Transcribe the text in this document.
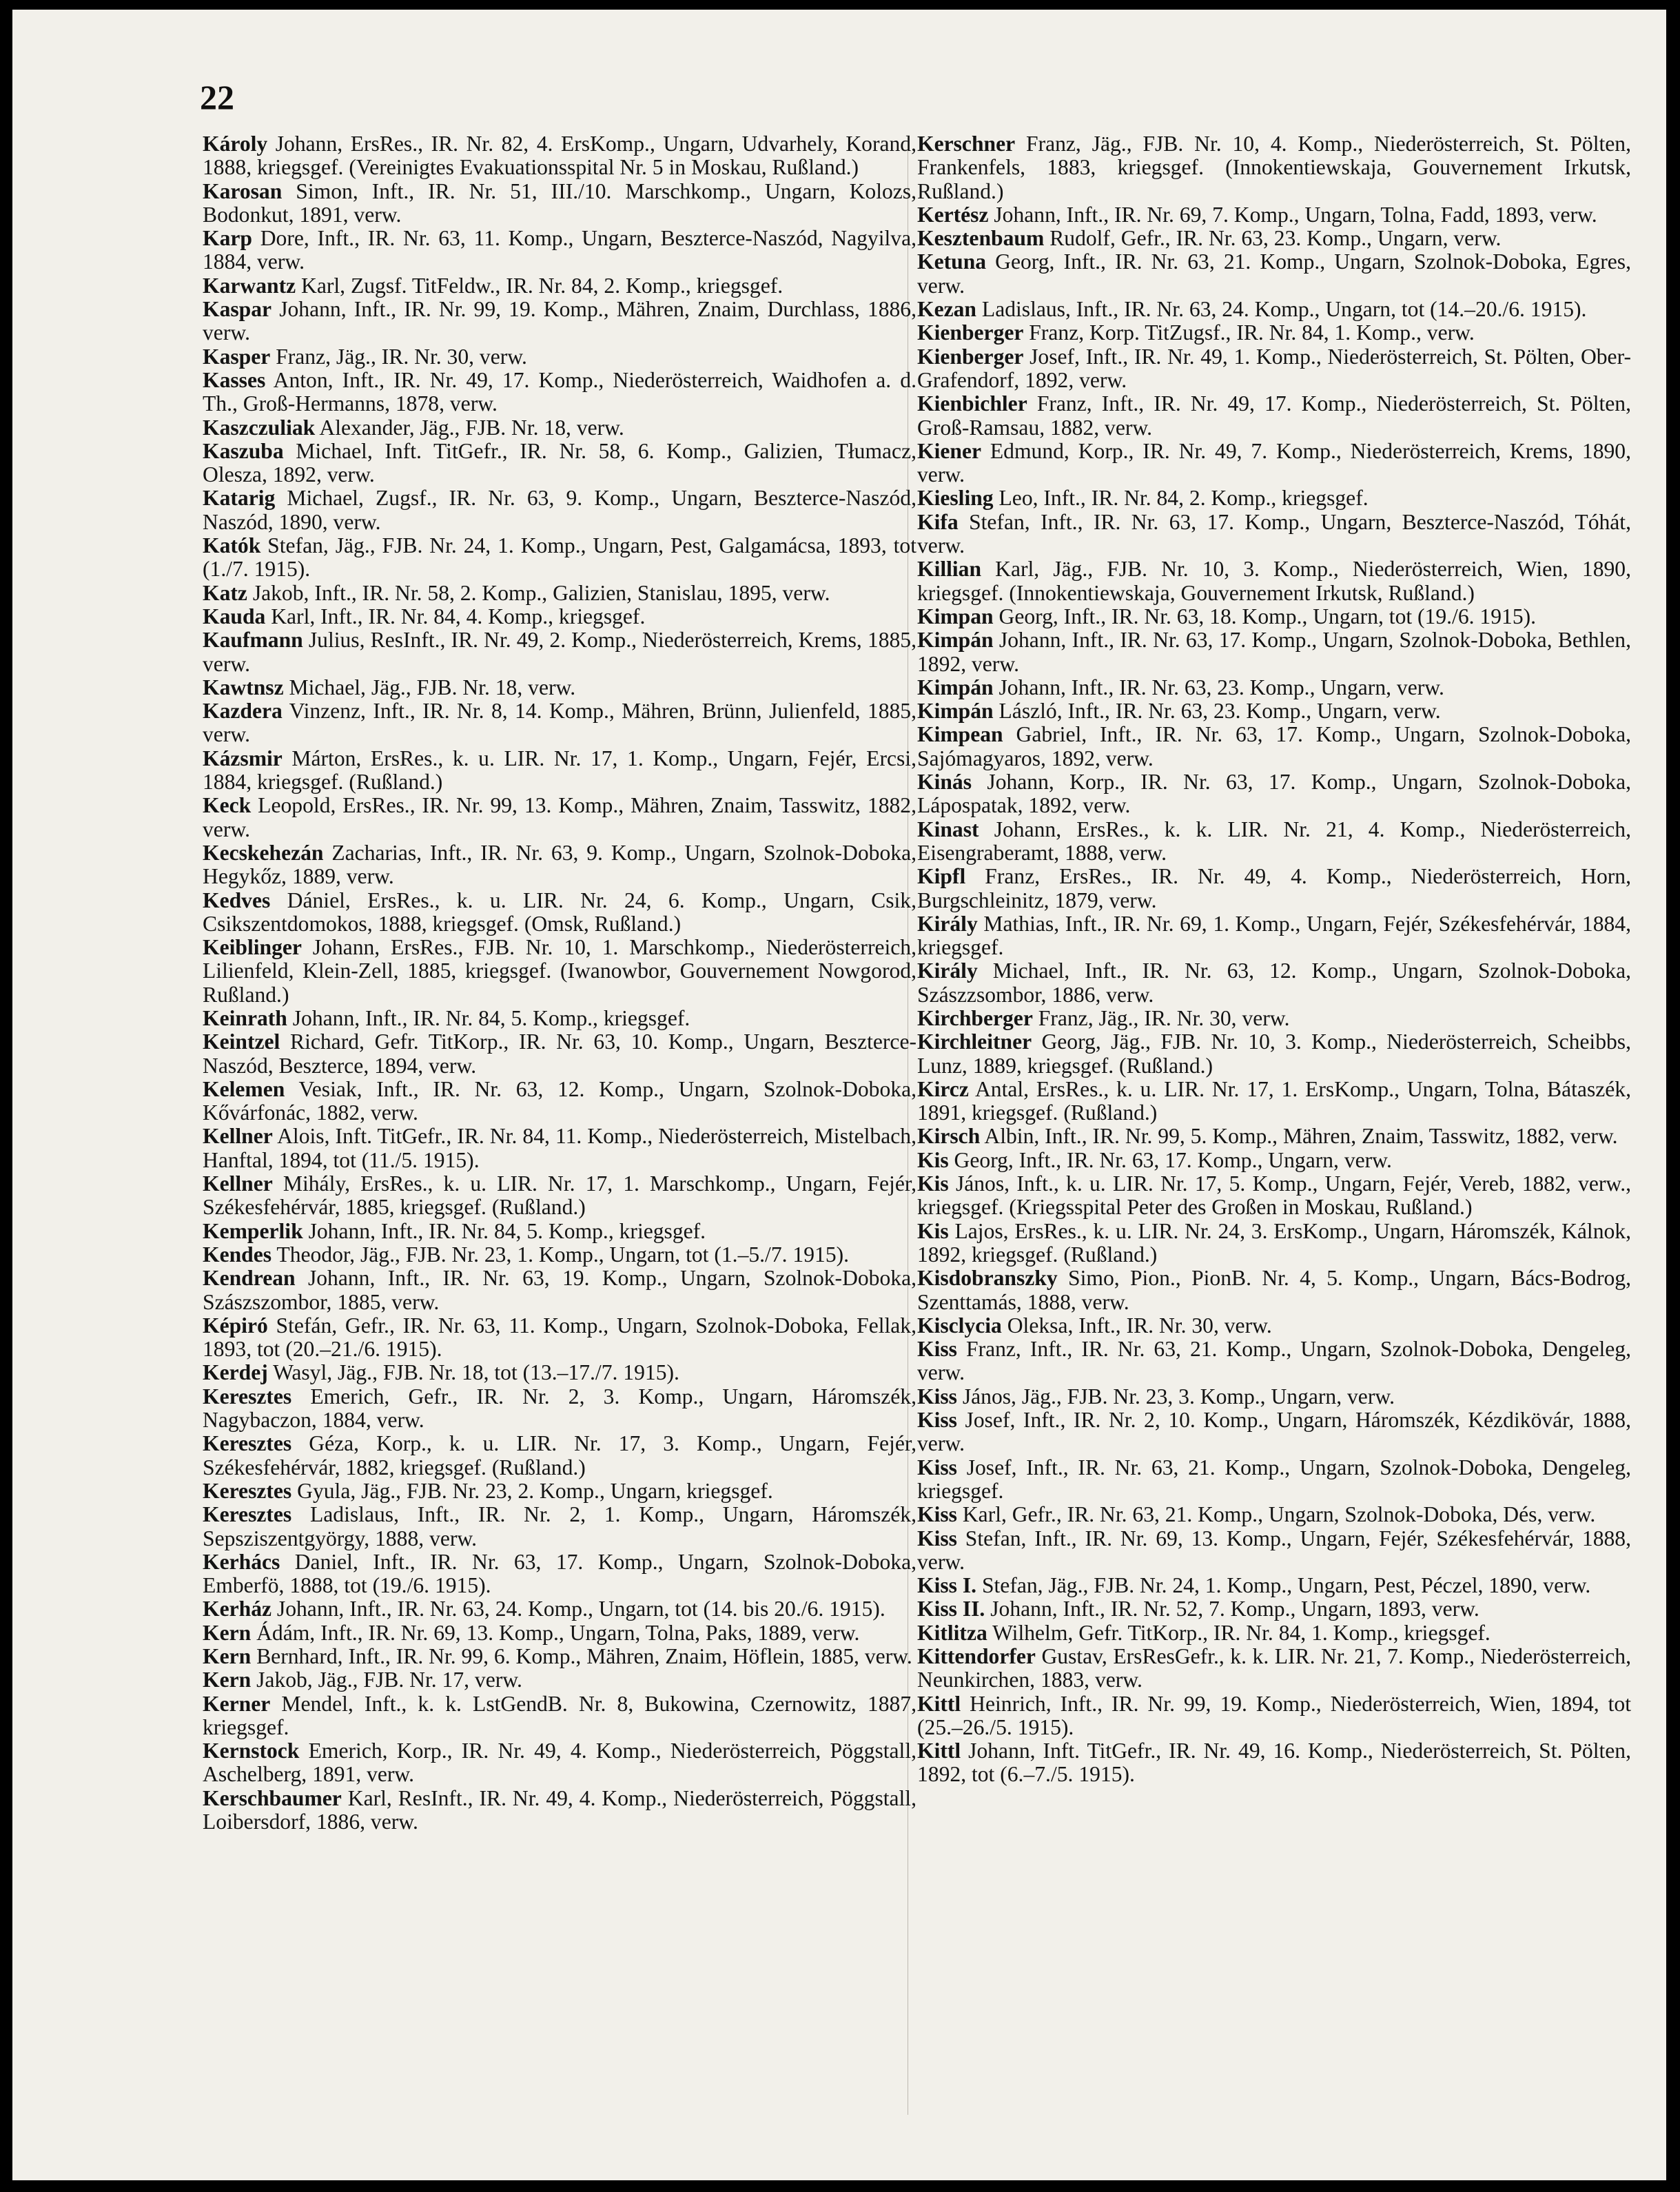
22

Károly Johann, ErsRes., IR. Nr. 82, 4. ErsKomp., Ungarn, Udvarhely, Korand, 1888, kriegsgef. (Vereinigtes Evakuationsspital Nr. 5 in Moskau, Rußland.)

Karosan Simon, Inft., IR. Nr. 51, III./10. Marschkomp., Ungarn, Kolozs, Bodonkut, 1891, verw.

Karp Dore, Inft., IR. Nr. 63, 11. Komp., Ungarn, Beszterce-Naszód, Nagyilva, 1884, verw.

Karwantz Karl, Zugsf. TitFeldw., IR. Nr. 84, 2. Komp., kriegsgef.

Kaspar Johann, Inft., IR. Nr. 99, 19. Komp., Mähren, Znaim, Durchlass, 1886, verw.

Kasper Franz, Jäg., IR. Nr. 30, verw.

Kasses Anton, Inft., IR. Nr. 49, 17. Komp., Niederösterreich, Waidhofen a. d. Th., Groß-Hermanns, 1878, verw.

Kaszczuliak Alexander, Jäg., FJB. Nr. 18, verw.

Kaszuba Michael, Inft. TitGefr., IR. Nr. 58, 6. Komp., Galizien, Tłumacz, Olesza, 1892, verw.

Katarig Michael, Zugsf., IR. Nr. 63, 9. Komp., Ungarn, Beszterce-Naszód, Naszód, 1890, verw.

Katók Stefan, Jäg., FJB. Nr. 24, 1. Komp., Ungarn, Pest, Galgamácsa, 1893, tot (1./7. 1915).

Katz Jakob, Inft., IR. Nr. 58, 2. Komp., Galizien, Stanislau, 1895, verw.

Kauda Karl, Inft., IR. Nr. 84, 4. Komp., kriegsgef.

Kaufmann Julius, ResInft., IR. Nr. 49, 2. Komp., Niederösterreich, Krems, 1885, verw.

Kawtnsz Michael, Jäg., FJB. Nr. 18, verw.

Kazdera Vinzenz, Inft., IR. Nr. 8, 14. Komp., Mähren, Brünn, Julienfeld, 1885, verw.

Kázsmir Márton, ErsRes., k. u. LIR. Nr. 17, 1. Komp., Ungarn, Fejér, Ercsi, 1884, kriegsgef. (Rußland.)

Keck Leopold, ErsRes., IR. Nr. 99, 13. Komp., Mähren, Znaim, Tasswitz, 1882, verw.

Kecskehezán Zacharias, Inft., IR. Nr. 63, 9. Komp., Ungarn, Szolnok-Doboka, Hegykőz, 1889, verw.

Kedves Dániel, ErsRes., k. u. LIR. Nr. 24, 6. Komp., Ungarn, Csik, Csikszentdomokos, 1888, kriegsgef. (Omsk, Rußland.)

Keiblinger Johann, ErsRes., FJB. Nr. 10, 1. Marschkomp., Niederösterreich, Lilienfeld, Klein-Zell, 1885, kriegsgef. (Iwanowbor, Gouvernement Nowgorod, Rußland.)

Keinrath Johann, Inft., IR. Nr. 84, 5. Komp., kriegsgef.

Keintzel Richard, Gefr. TitKorp., IR. Nr. 63, 10. Komp., Ungarn, Beszterce-Naszód, Beszterce, 1894, verw.

Kelemen Vesiak, Inft., IR. Nr. 63, 12. Komp., Ungarn, Szolnok-Doboka, Kővárfonác, 1882, verw.

Kellner Alois, Inft. TitGefr., IR. Nr. 84, 11. Komp., Niederösterreich, Mistelbach, Hanftal, 1894, tot (11./5. 1915).

Kellner Mihály, ErsRes., k. u. LIR. Nr. 17, 1. Marschkomp., Ungarn, Fejér, Székesfehérvár, 1885, kriegsgef. (Rußland.)

Kemperlik Johann, Inft., IR. Nr. 84, 5. Komp., kriegsgef.

Kendes Theodor, Jäg., FJB. Nr. 23, 1. Komp., Ungarn, tot (1.–5./7. 1915).

Kendrean Johann, Inft., IR. Nr. 63, 19. Komp., Ungarn, Szolnok-Doboka, Szászszombor, 1885, verw.

Képiró Stefán, Gefr., IR. Nr. 63, 11. Komp., Ungarn, Szolnok-Doboka, Fellak, 1893, tot (20.–21./6. 1915).

Kerdej Wasyl, Jäg., FJB. Nr. 18, tot (13.–17./7. 1915).

Keresztes Emerich, Gefr., IR. Nr. 2, 3. Komp., Ungarn, Háromszék, Nagybaczon, 1884, verw.

Keresztes Géza, Korp., k. u. LIR. Nr. 17, 3. Komp., Ungarn, Fejér, Székesfehérvár, 1882, kriegsgef. (Rußland.)

Keresztes Gyula, Jäg., FJB. Nr. 23, 2. Komp., Ungarn, kriegsgef.

Keresztes Ladislaus, Inft., IR. Nr. 2, 1. Komp., Ungarn, Háromszék, Sepsziszentgyörgy, 1888, verw.

Kerhács Daniel, Inft., IR. Nr. 63, 17. Komp., Ungarn, Szolnok-Doboka, Emberfö, 1888, tot (19./6. 1915).

Kerház Johann, Inft., IR. Nr. 63, 24. Komp., Ungarn, tot (14. bis 20./6. 1915).

Kern Ádám, Inft., IR. Nr. 69, 13. Komp., Ungarn, Tolna, Paks, 1889, verw.

Kern Bernhard, Inft., IR. Nr. 99, 6. Komp., Mähren, Znaim, Höflein, 1885, verw.

Kern Jakob, Jäg., FJB. Nr. 17, verw.

Kerner Mendel, Inft., k. k. LstGendB. Nr. 8, Bukowina, Czernowitz, 1887, kriegsgef.

Kernstock Emerich, Korp., IR. Nr. 49, 4. Komp., Niederösterreich, Pöggstall, Aschelberg, 1891, verw.

Kerschbaumer Karl, ResInft., IR. Nr. 49, 4. Komp., Niederösterreich, Pöggstall, Loibersdorf, 1886, verw.

Kerschner Franz, Jäg., FJB. Nr. 10, 4. Komp., Niederösterreich, St. Pölten, Frankenfels, 1883, kriegsgef. (Innokentiewskaja, Gouvernement Irkutsk, Rußland.)

Kertész Johann, Inft., IR. Nr. 69, 7. Komp., Ungarn, Tolna, Fadd, 1893, verw.

Kesztenbaum Rudolf, Gefr., IR. Nr. 63, 23. Komp., Ungarn, verw.

Ketuna Georg, Inft., IR. Nr. 63, 21. Komp., Ungarn, Szolnok-Doboka, Egres, verw.

Kezan Ladislaus, Inft., IR. Nr. 63, 24. Komp., Ungarn, tot (14.–20./6. 1915).

Kienberger Franz, Korp. TitZugsf., IR. Nr. 84, 1. Komp., verw.

Kienberger Josef, Inft., IR. Nr. 49, 1. Komp., Niederösterreich, St. Pölten, Ober-Grafendorf, 1892, verw.

Kienbichler Franz, Inft., IR. Nr. 49, 17. Komp., Niederösterreich, St. Pölten, Groß-Ramsau, 1882, verw.

Kiener Edmund, Korp., IR. Nr. 49, 7. Komp., Niederösterreich, Krems, 1890, verw.

Kiesling Leo, Inft., IR. Nr. 84, 2. Komp., kriegsgef.

Kifa Stefan, Inft., IR. Nr. 63, 17. Komp., Ungarn, Beszterce-Naszód, Tóhát, verw.

Killian Karl, Jäg., FJB. Nr. 10, 3. Komp., Niederösterreich, Wien, 1890, kriegsgef. (Innokentiewskaja, Gouvernement Irkutsk, Rußland.)

Kimpan Georg, Inft., IR. Nr. 63, 18. Komp., Ungarn, tot (19./6. 1915).

Kimpán Johann, Inft., IR. Nr. 63, 17. Komp., Ungarn, Szolnok-Doboka, Bethlen, 1892, verw.

Kimpán Johann, Inft., IR. Nr. 63, 23. Komp., Ungarn, verw.

Kimpán László, Inft., IR. Nr. 63, 23. Komp., Ungarn, verw.

Kimpean Gabriel, Inft., IR. Nr. 63, 17. Komp., Ungarn, Szolnok-Doboka, Sajómagyaros, 1892, verw.

Kinás Johann, Korp., IR. Nr. 63, 17. Komp., Ungarn, Szolnok-Doboka, Lápospatak, 1892, verw.

Kinast Johann, ErsRes., k. k. LIR. Nr. 21, 4. Komp., Niederösterreich, Eisengraberamt, 1888, verw.

Kipfl Franz, ErsRes., IR. Nr. 49, 4. Komp., Niederösterreich, Horn, Burgschleinitz, 1879, verw.

Király Mathias, Inft., IR. Nr. 69, 1. Komp., Ungarn, Fejér, Székesfehérvár, 1884, kriegsgef.

Király Michael, Inft., IR. Nr. 63, 12. Komp., Ungarn, Szolnok-Doboka, Szászzsombor, 1886, verw.

Kirchberger Franz, Jäg., IR. Nr. 30, verw.

Kirchleitner Georg, Jäg., FJB. Nr. 10, 3. Komp., Niederösterreich, Scheibbs, Lunz, 1889, kriegsgef. (Rußland.)

Kircz Antal, ErsRes., k. u. LIR. Nr. 17, 1. ErsKomp., Ungarn, Tolna, Bátaszék, 1891, kriegsgef. (Rußland.)

Kirsch Albin, Inft., IR. Nr. 99, 5. Komp., Mähren, Znaim, Tasswitz, 1882, verw.

Kis Georg, Inft., IR. Nr. 63, 17. Komp., Ungarn, verw.

Kis János, Inft., k. u. LIR. Nr. 17, 5. Komp., Ungarn, Fejér, Vereb, 1882, verw., kriegsgef. (Kriegsspital Peter des Großen in Moskau, Rußland.)

Kis Lajos, ErsRes., k. u. LIR. Nr. 24, 3. ErsKomp., Ungarn, Háromszék, Kálnok, 1892, kriegsgef. (Rußland.)

Kisdobranszky Simo, Pion., PionB. Nr. 4, 5. Komp., Ungarn, Bács-Bodrog, Szenttamás, 1888, verw.

Kisclycia Oleksa, Inft., IR. Nr. 30, verw.

Kiss Franz, Inft., IR. Nr. 63, 21. Komp., Ungarn, Szolnok-Doboka, Dengeleg, verw.

Kiss János, Jäg., FJB. Nr. 23, 3. Komp., Ungarn, verw.

Kiss Josef, Inft., IR. Nr. 2, 10. Komp., Ungarn, Háromszék, Kézdikövár, 1888, verw.

Kiss Josef, Inft., IR. Nr. 63, 21. Komp., Ungarn, Szolnok-Doboka, Dengeleg, kriegsgef.

Kiss Karl, Gefr., IR. Nr. 63, 21. Komp., Ungarn, Szolnok-Doboka, Dés, verw.

Kiss Stefan, Inft., IR. Nr. 69, 13. Komp., Ungarn, Fejér, Székesfehérvár, 1888, verw.

Kiss I. Stefan, Jäg., FJB. Nr. 24, 1. Komp., Ungarn, Pest, Péczel, 1890, verw.

Kiss II. Johann, Inft., IR. Nr. 52, 7. Komp., Ungarn, 1893, verw.

Kitlitza Wilhelm, Gefr. TitKorp., IR. Nr. 84, 1. Komp., kriegsgef.

Kittendorfer Gustav, ErsResGefr., k. k. LIR. Nr. 21, 7. Komp., Niederösterreich, Neunkirchen, 1883, verw.

Kittl Heinrich, Inft., IR. Nr. 99, 19. Komp., Niederösterreich, Wien, 1894, tot (25.–26./5. 1915).

Kittl Johann, Inft. TitGefr., IR. Nr. 49, 16. Komp., Niederösterreich, St. Pölten, 1892, tot (6.–7./5. 1915).
